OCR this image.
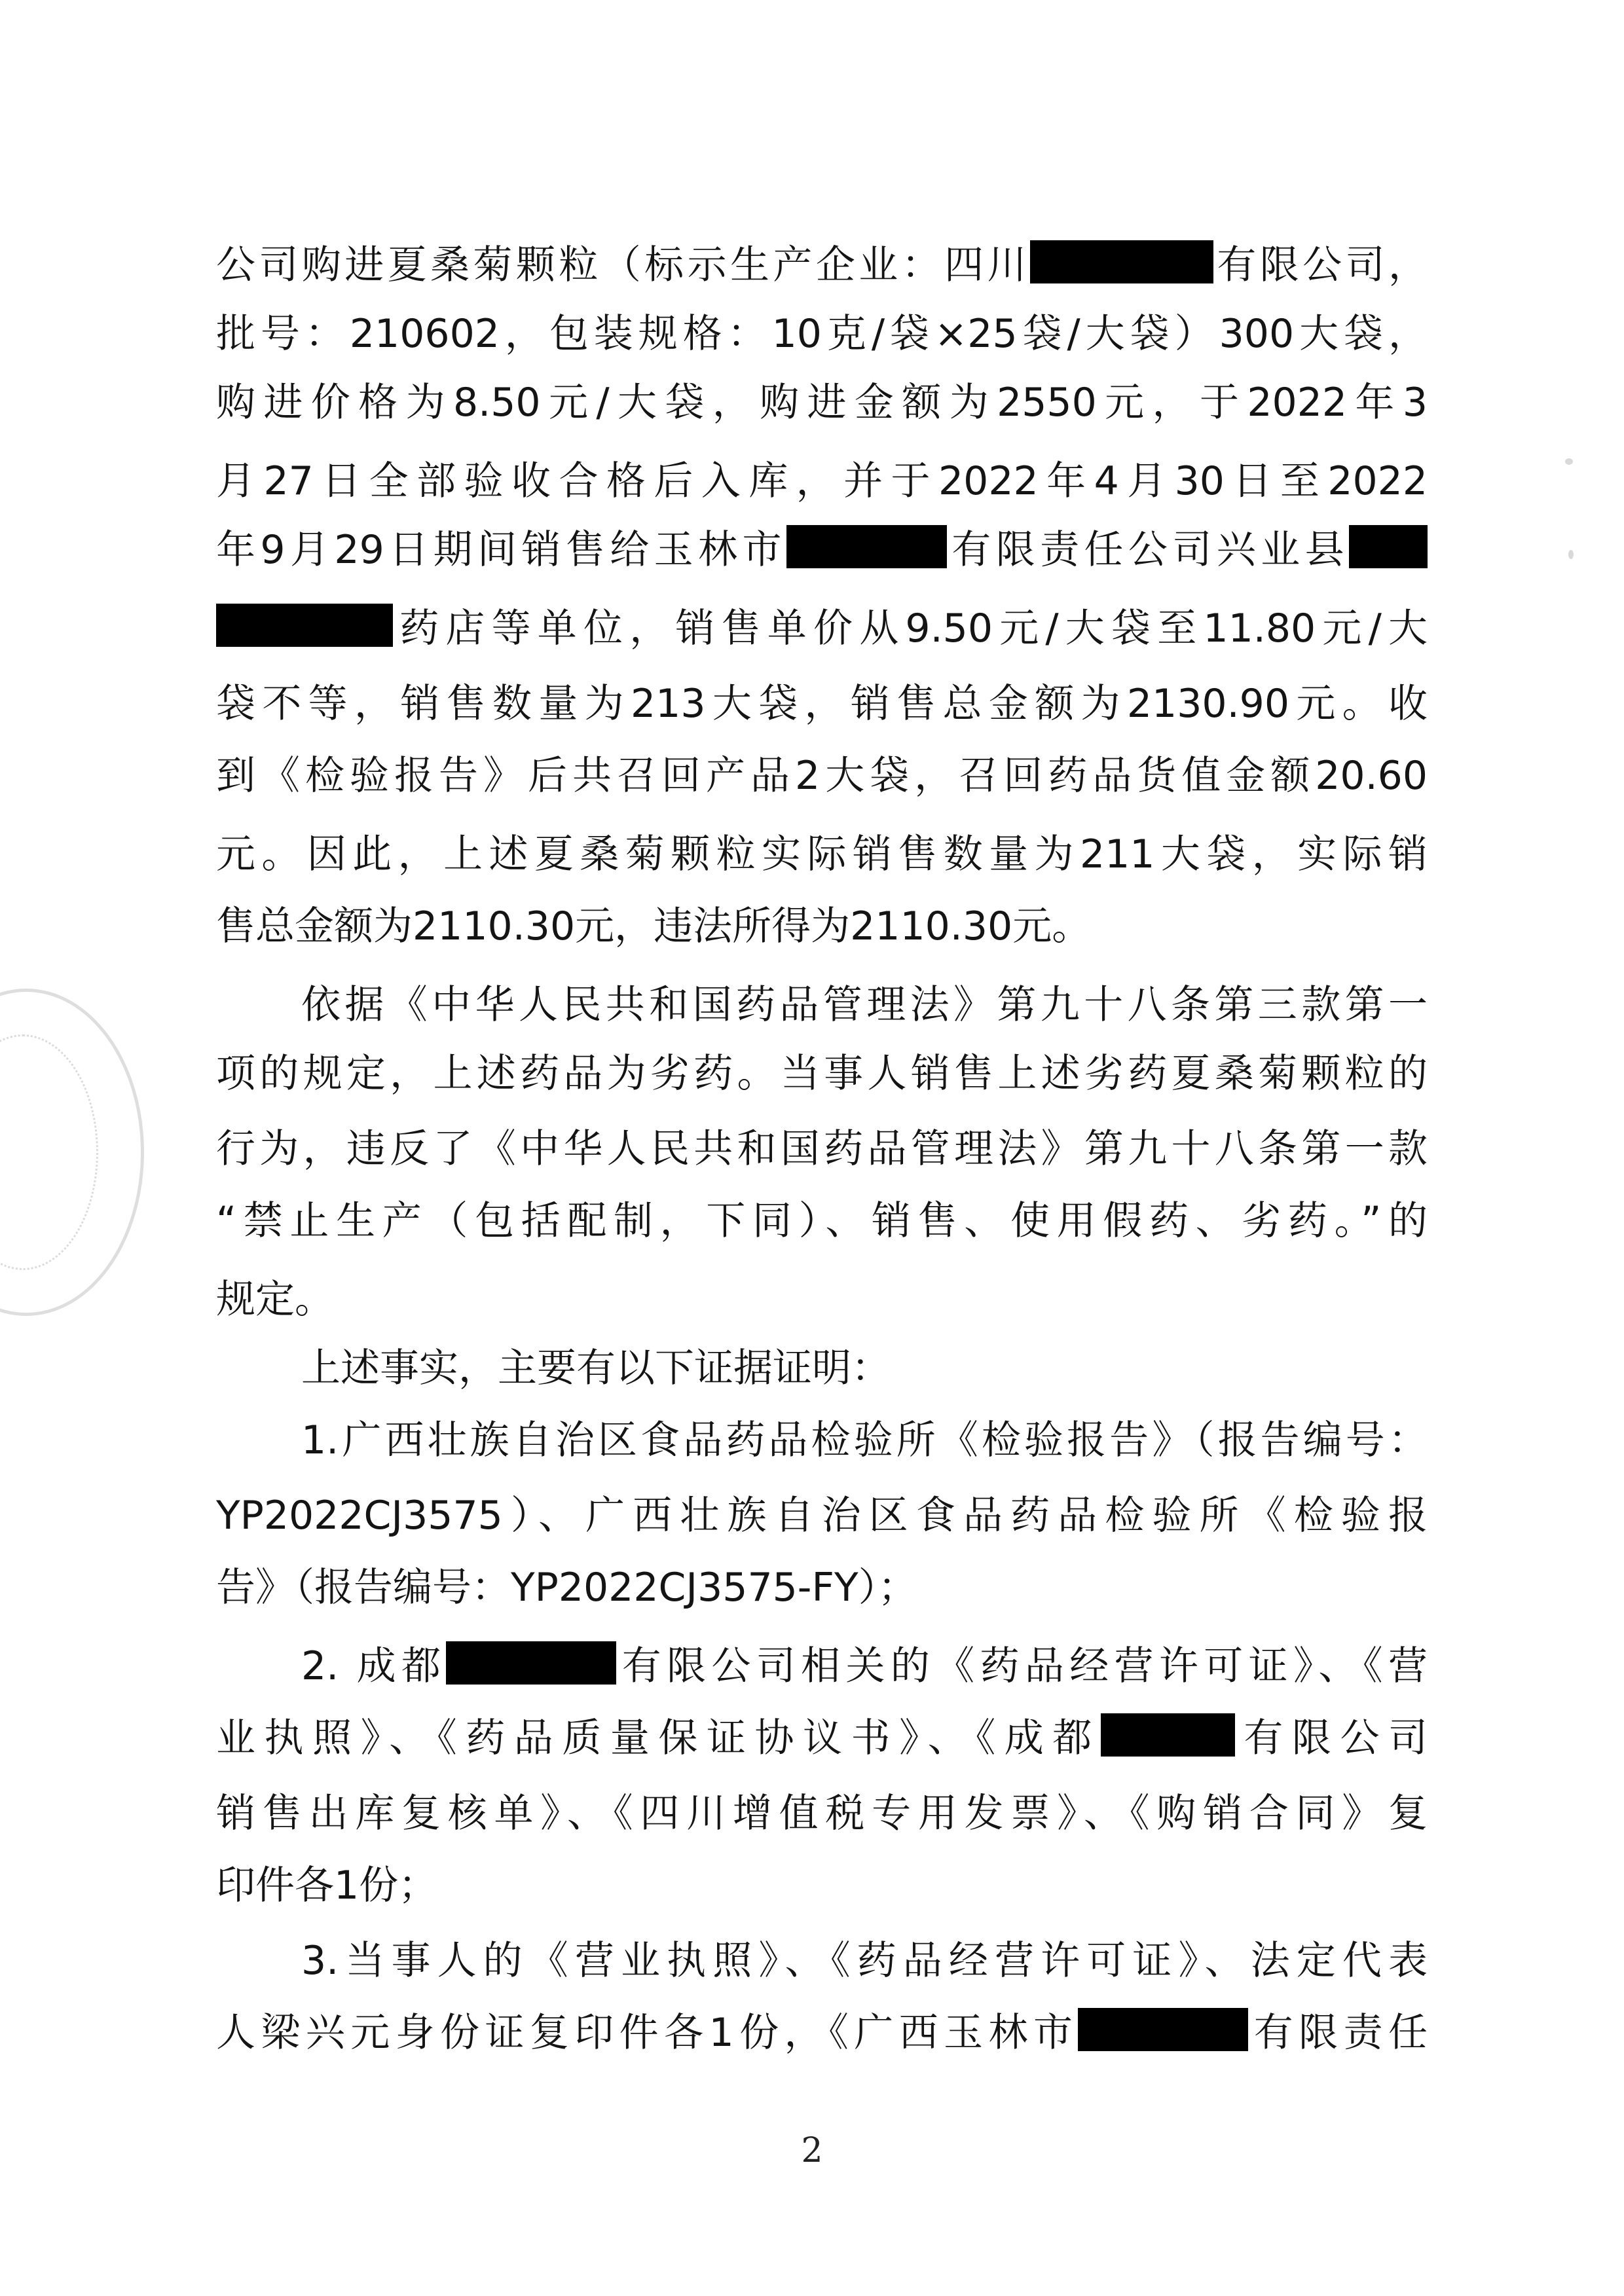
公司购进夏桑菊颗粒（标示生产企业：四川	有限公司，
批号：210602，包装规格：10克/袋×25袋/大袋）300大袋，
购进价格为8.50元/大袋，购进金额为2550元，于2022年3
月27日全部验收合格后入库，并于2022年4月30日至2022
年9月29日期间销售给玉林市	有限责任公司兴业县
药店等单位，销售单价从9.50元/大袋至11.80元/大
袋不等，销售数量为213大袋，销售总金额为2130.90元。收
到《检验报告》后共召回产品2大袋，召回药品货值金额20.60
元。因此，上述夏桑菊颗粒实际销售数量为211大袋，实际销
售总金额为2110.30元，违法所得为2110.30元。
依据《中华人民共和国药品管理法》第九十八条第三款第一
项的规定，上述药品为劣药。当事人销售上述劣药夏桑菊颗粒的
行为，违反了《中华人民共和国药品管理法》第九十八条第一款
“禁止生产（包括配制，下同）、销售、使用假药、劣药。”的
规定。
上述事实，主要有以下证据证明：
1.广西壮族自治区食品药品检验所《检验报告》（报告编号：
YP2022CJ3575）、广西壮族自治区食品药品检验所《检验报
告》（报告编号：YP2022CJ3575-FY）；
2. 成都	有限公司相关的《药品经营许可证》、《营
业执照》、《药品质量保证协议书》、《成都	有限公司
销售出库复核单》、《四川增值税专用发票》、《购销合同》复
印件各1份；
3.当事人的《营业执照》、《药品经营许可证》、法定代表
人梁兴元身份证复印件各1份，《广西玉林市	有限责任
2
